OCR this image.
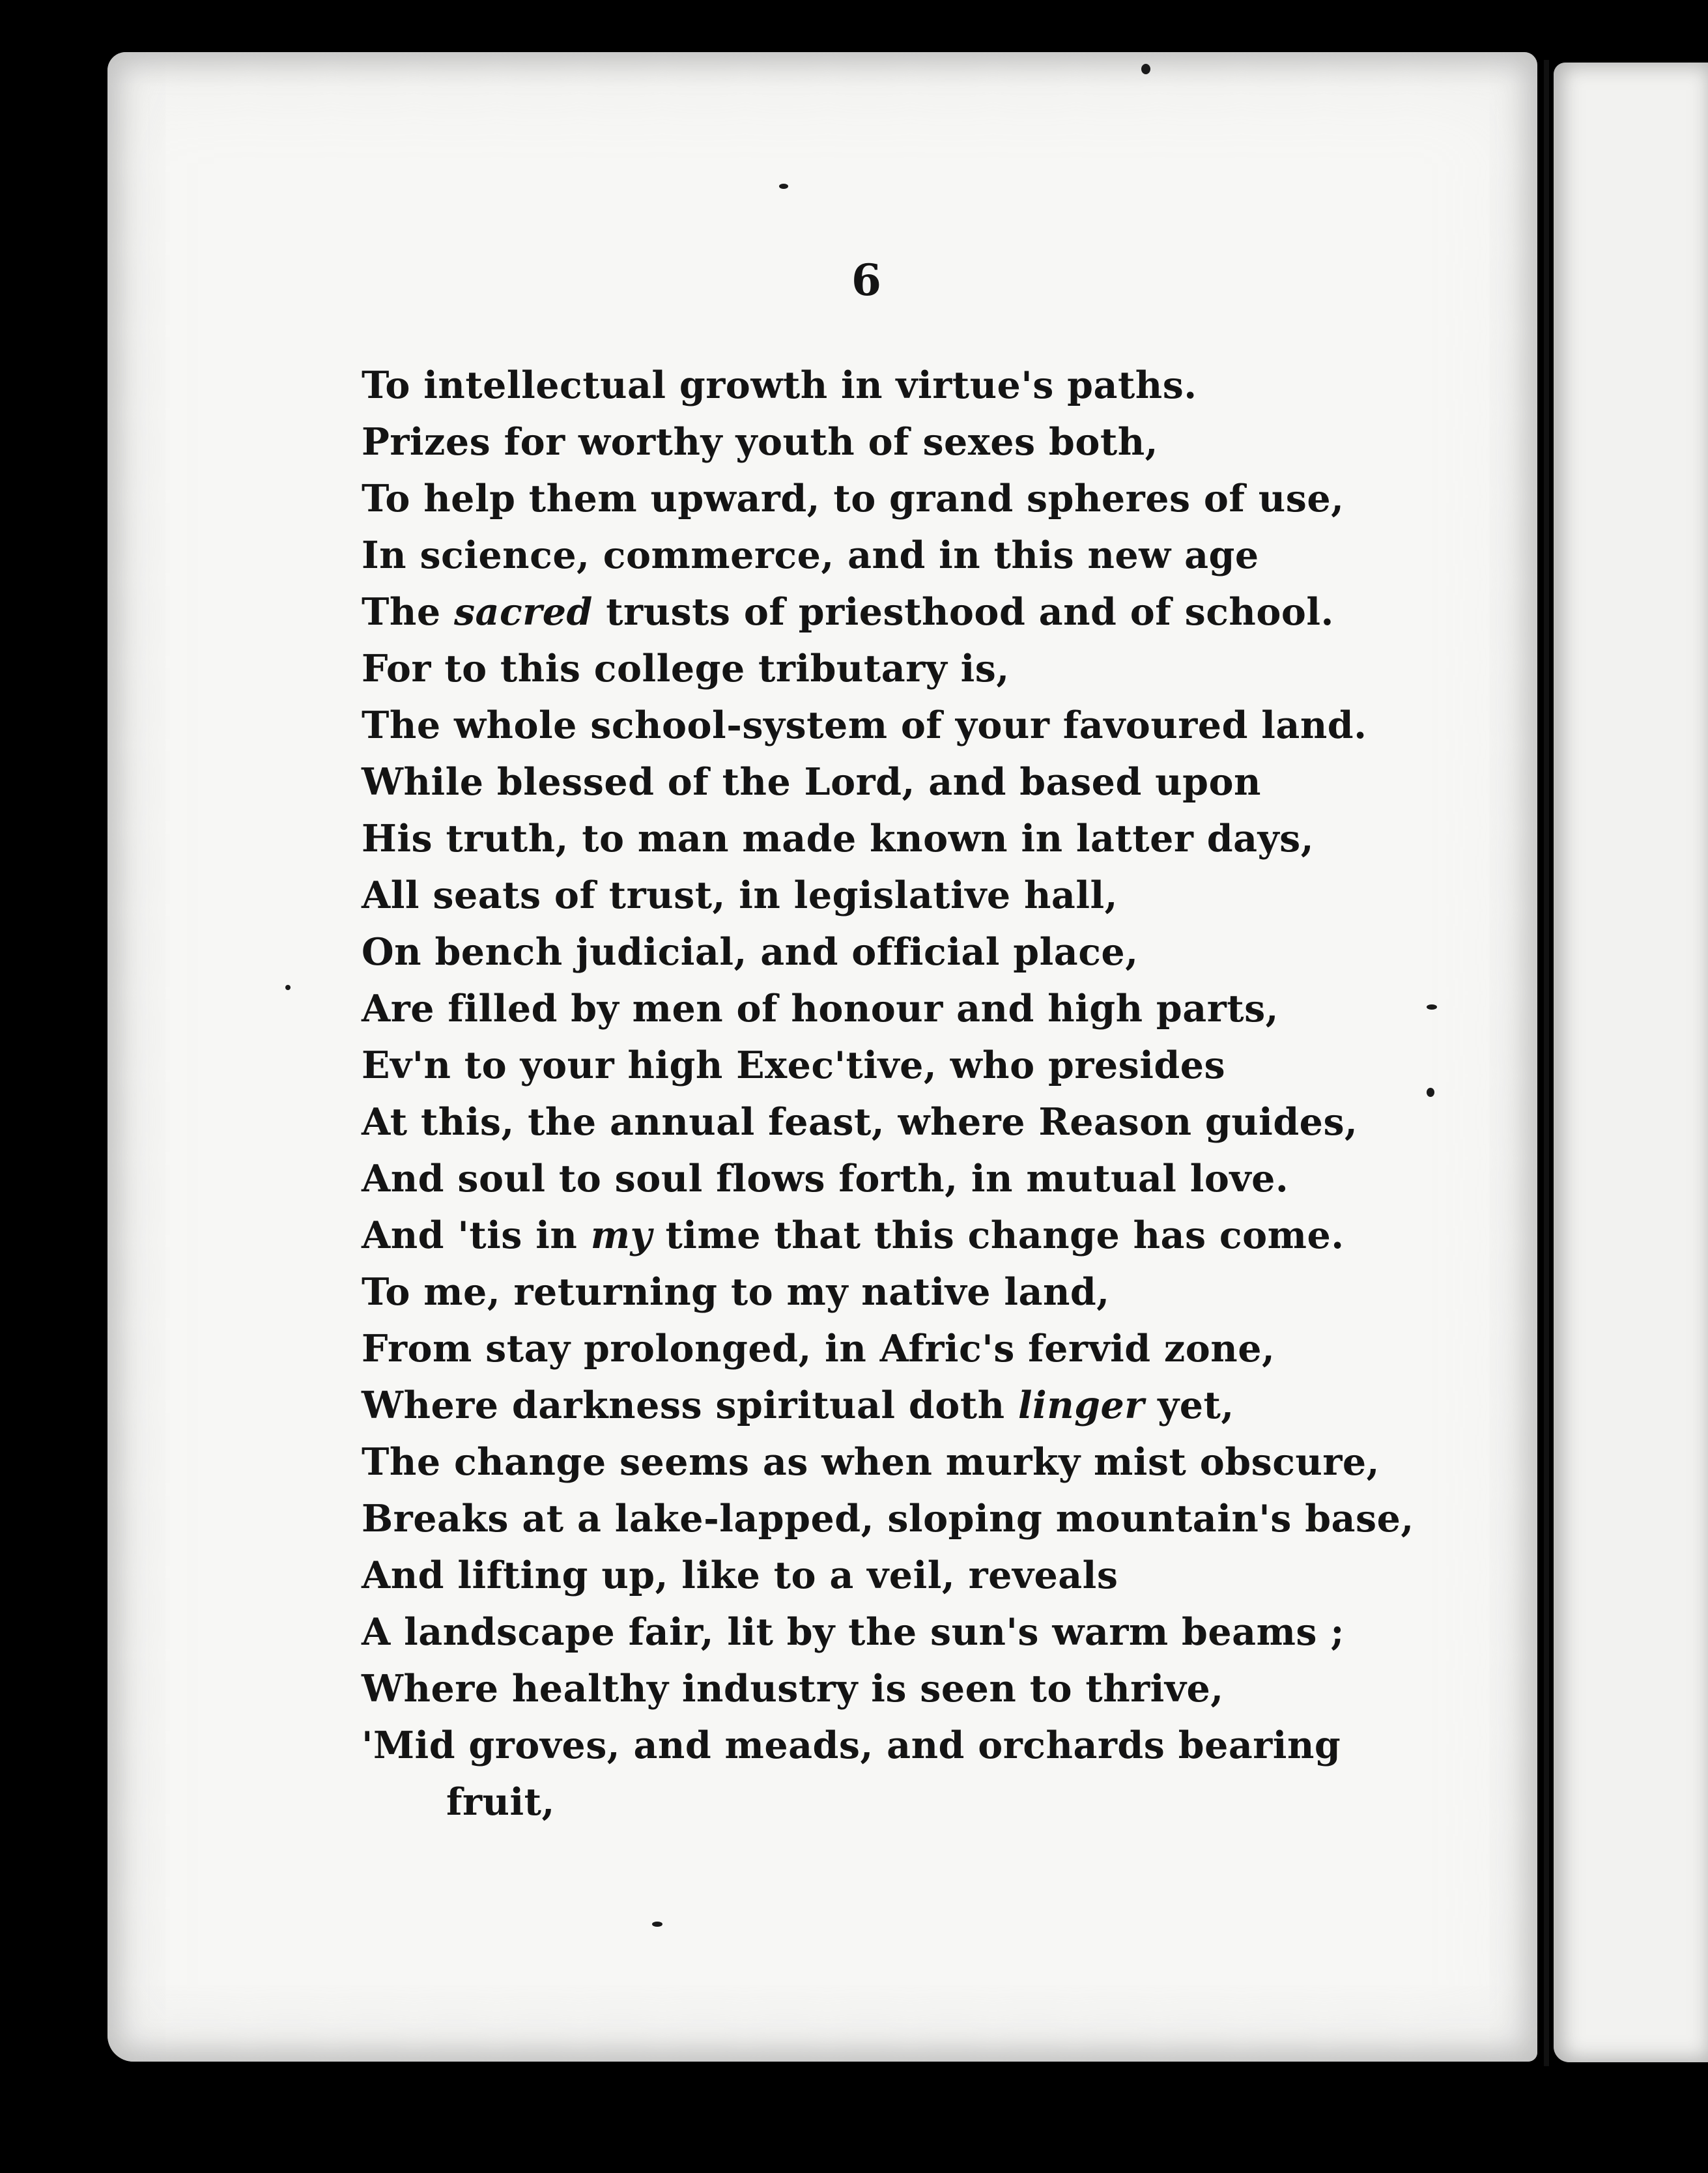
6
To intellectual growth in virtue's paths.
Prizes for worthy youth of sexes both,
To help them upward, to grand spheres of use,
In science, commerce, and in this new age
The sacred trusts of priesthood and of school.
For to this college tributary is,
The whole school-system of your favoured land.
While blessed of the Lord, and based upon
His truth, to man made known in latter days,
All seats of trust, in legislative hall,
On bench judicial, and official place,
Are filled by men of honour and high parts,
Ev'n to your high Exec'tive, who presides
At this, the annual feast, where Reason guides,
And soul to soul flows forth, in mutual love.
And 'tis in my time that this change has come.
To me, returning to my native land,
From stay prolonged, in Afric's fervid zone,
Where darkness spiritual doth linger yet,
The change seems as when murky mist obscure,
Breaks at a lake-lapped, sloping mountain's base,
And lifting up, like to a veil, reveals
A landscape fair, lit by the sun's warm beams ;
Where healthy industry is seen to thrive,
'Mid groves, and meads, and orchards bearing
fruit,
